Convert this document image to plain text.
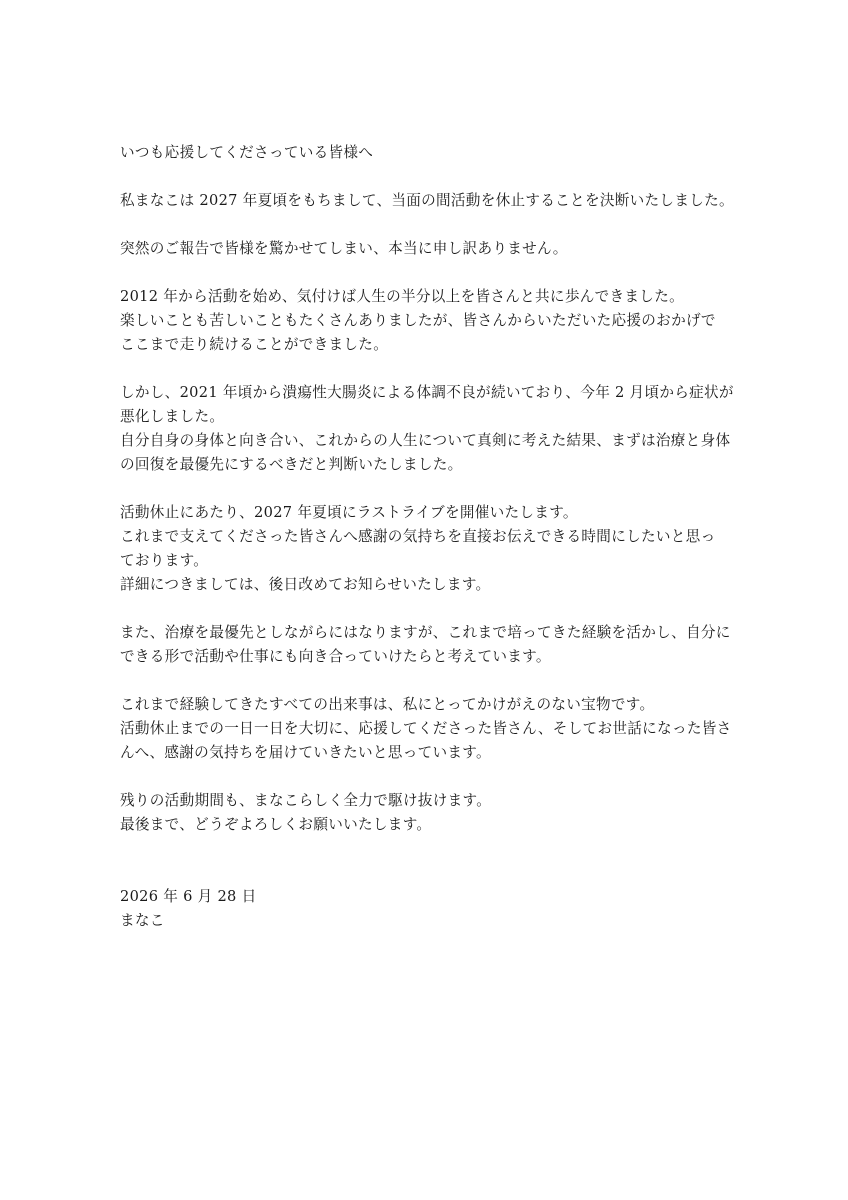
いつも応援してくださっている皆様へ
私まなこは 2027 年夏頃をもちまして、当面の間活動を休止することを決断いたしました。
突然のご報告で皆様を驚かせてしまい、本当に申し訳ありません。
2012 年から活動を始め、気付けば人生の半分以上を皆さんと共に歩んできました。
楽しいことも苦しいこともたくさんありましたが、皆さんからいただいた応援のおかげで
ここまで走り続けることができました。
しかし、2021 年頃から潰瘍性大腸炎による体調不良が続いており、今年 2 月頃から症状が
悪化しました。
自分自身の身体と向き合い、これからの人生について真剣に考えた結果、まずは治療と身体
の回復を最優先にするべきだと判断いたしました。
活動休止にあたり、2027 年夏頃にラストライブを開催いたします。
これまで支えてくださった皆さんへ感謝の気持ちを直接お伝えできる時間にしたいと思っ
ております。
詳細につきましては、後日改めてお知らせいたします。
また、治療を最優先としながらにはなりますが、これまで培ってきた経験を活かし、自分に
できる形で活動や仕事にも向き合っていけたらと考えています。
これまで経験してきたすべての出来事は、私にとってかけがえのない宝物です。
活動休止までの一日一日を大切に、応援してくださった皆さん、そしてお世話になった皆さ
んへ、感謝の気持ちを届けていきたいと思っています。
残りの活動期間も、まなこらしく全力で駆け抜けます。
最後まで、どうぞよろしくお願いいたします。
2026 年 6 月 28 日
まなこ
